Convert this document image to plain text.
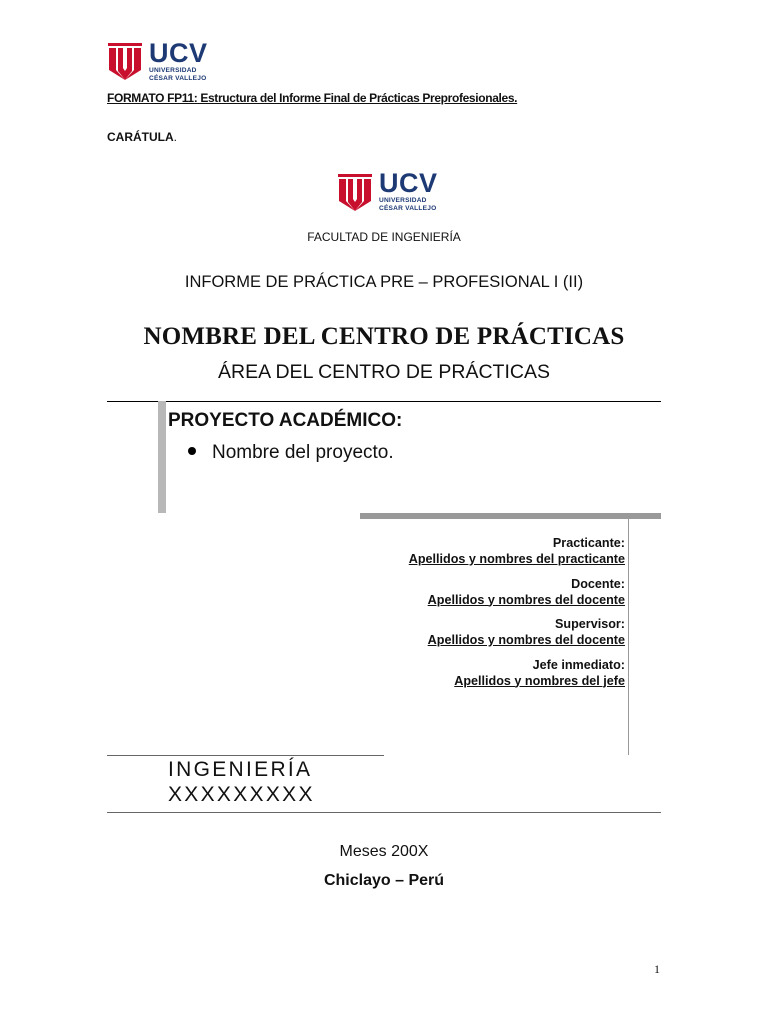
UCV
UNIVERSIDAD
CÉSAR VALLEJO
FORMATO FP11: Estructura del Informe Final de Prácticas Preprofesionales.
CARÁTULA.
UCV
UNIVERSIDAD
CÉSAR VALLEJO
FACULTAD DE INGENIERÍA
INFORME DE PRÁCTICA PRE – PROFESIONAL I (II)
NOMBRE DEL CENTRO DE PRÁCTICAS
ÁREA DEL CENTRO DE PRÁCTICAS
PROYECTO ACADÉMICO:
Nombre del proyecto.
Practicante:
Apellidos y nombres del practicante
Docente:
Apellidos y nombres del docente
Supervisor:
Apellidos y nombres del docente
Jefe inmediato:
Apellidos y nombres del jefe
INGENIERÍA
XXXXXXXXX
Meses 200X
Chiclayo – Perú
1
